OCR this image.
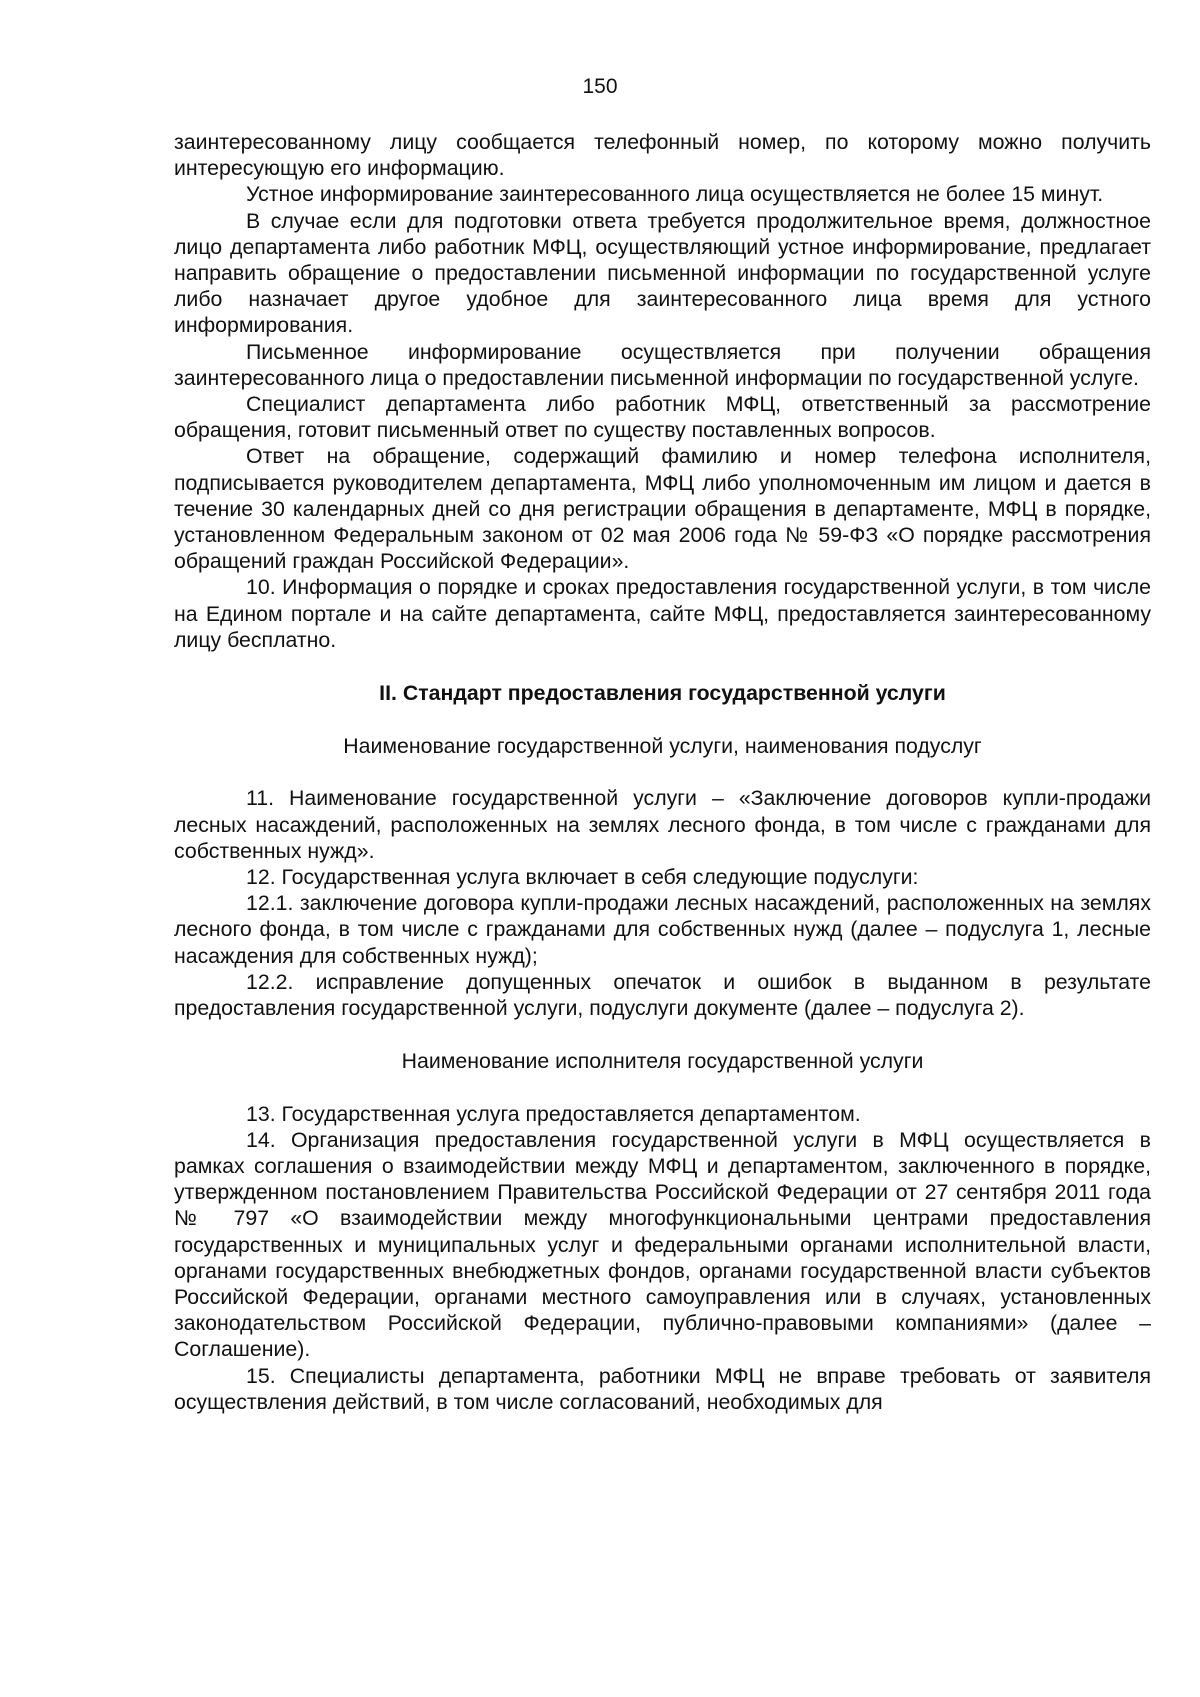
150

заинтересованному лицу сообщается телефонный номер, по которому можно получить интересующую его информацию.

Устное информирование заинтересованного лица осуществляется не более 15 минут.

В случае если для подготовки ответа требуется продолжительное время, должностное лицо департамента либо работник МФЦ, осуществляющий устное информирование, предлагает направить обращение о предоставлении письменной информации по государственной услуге либо назначает другое удобное для заинтересованного лица время для устного информирования.

Письменное информирование осуществляется при получении обращения заинтересованного лица о предоставлении письменной информации по государственной услуге.

Специалист департамента либо работник МФЦ, ответственный за рассмотрение обращения, готовит письменный ответ по существу поставленных вопросов.

Ответ на обращение, содержащий фамилию и номер телефона исполнителя, подписывается руководителем департамента, МФЦ либо уполномоченным им лицом и дается в течение 30 календарных дней со дня регистрации обращения в департаменте, МФЦ в порядке, установленном Федеральным законом от 02 мая 2006 года № 59-ФЗ «О порядке рассмотрения обращений граждан Российской Федерации».

10. Информация о порядке и сроках предоставления государственной услуги, в том числе на Едином портале и на сайте департамента, сайте МФЦ, предоставляется заинтересованному лицу бесплатно.

II. Стандарт предоставления государственной услуги

Наименование государственной услуги, наименования подуслуг

11. Наименование государственной услуги – «Заключение договоров купли-продажи лесных насаждений, расположенных на землях лесного фонда, в том числе с гражданами для собственных нужд».

12. Государственная услуга включает в себя следующие подуслуги:

12.1. заключение договора купли-продажи лесных насаждений, расположенных на землях лесного фонда, в том числе с гражданами для собственных нужд (далее – подуслуга 1, лесные насаждения для собственных нужд);

12.2. исправление допущенных опечаток и ошибок в выданном в результате предоставления государственной услуги, подуслуги документе (далее – подуслуга 2).

Наименование исполнителя государственной услуги

13. Государственная услуга предоставляется департаментом.

14. Организация предоставления государственной услуги в МФЦ осуществляется в рамках соглашения о взаимодействии между МФЦ и департаментом, заключенного в порядке, утвержденном постановлением Правительства Российской Федерации от 27 сентября 2011 года № 797 «О взаимодействии между многофункциональными центрами предоставления государственных и муниципальных услуг и федеральными органами исполнительной власти, органами государственных внебюджетных фондов, органами государственной власти субъектов Российской Федерации, органами местного самоуправления или в случаях, установленных законодательством Российской Федерации, публично-правовыми компаниями» (далее – Соглашение).

15. Специалисты департамента, работники МФЦ не вправе требовать от заявителя осуществления действий, в том числе согласований, необходимых для
